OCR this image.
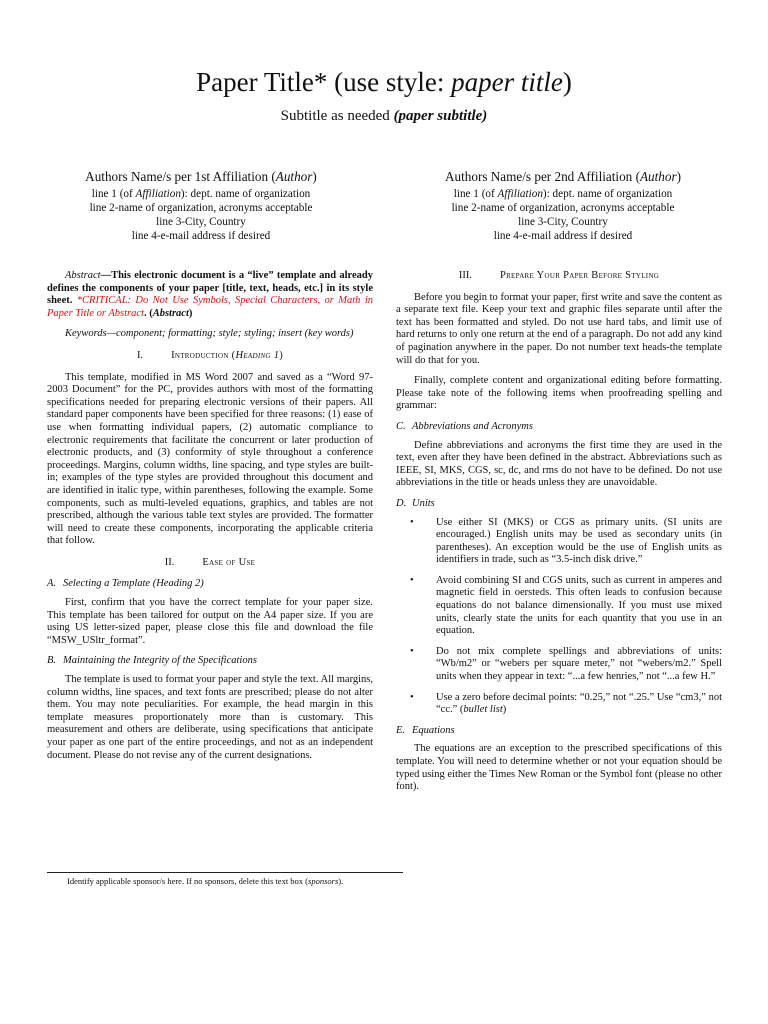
Paper Title* (use style: paper title)
Subtitle as needed (paper subtitle)
Authors Name/s per 1st Affiliation (Author)
line 1 (of Affiliation): dept. name of organization
line 2-name of organization, acronyms acceptable
line 3-City, Country
line 4-e-mail address if desired
Authors Name/s per 2nd Affiliation (Author)
line 1 (of Affiliation): dept. name of organization
line 2-name of organization, acronyms acceptable
line 3-City, Country
line 4-e-mail address if desired

Abstract—This electronic document is a “live” template and already defines the components of your paper [title, text, heads, etc.] in its style sheet. *CRITICAL: Do Not Use Symbols, Special Characters, or Math in Paper Title or Abstract. (Abstract)

Keywords—component; formatting; style; styling; insert (key words)

I.	Introduction (Heading 1)

This template, modified in MS Word 2007 and saved as a “Word 97-2003 Document” for the PC, provides authors with most of the formatting specifications needed for preparing electronic versions of their papers. All standard paper components have been specified for three reasons: (1) ease of use when formatting individual papers, (2) automatic compliance to electronic requirements that facilitate the concurrent or later production of electronic products, and (3) conformity of style throughout a conference proceedings. Margins, column widths, line spacing, and type styles are built-in; examples of the type styles are provided throughout this document and are identified in italic type, within parentheses, following the example. Some components, such as multi-leveled equations, graphics, and tables are not prescribed, although the various table text styles are provided. The formatter will need to create these components, incorporating the applicable criteria that follow.

II.	Ease of Use
A. Selecting a Template (Heading 2)

First, confirm that you have the correct template for your paper size. This template has been tailored for output on the A4 paper size. If you are using US letter-sized paper, please close this file and download the file “MSW_USltr_format”.

B. Maintaining the Integrity of the Specifications

The template is used to format your paper and style the text. All margins, column widths, line spaces, and text fonts are prescribed; please do not alter them. You may note peculiarities. For example, the head margin in this template measures proportionately more than is customary. This measurement and others are deliberate, using specifications that anticipate your paper as one part of the entire proceedings, and not as an independent document. Please do not revise any of the current designations.

III.	Prepare Your Paper Before Styling

Before you begin to format your paper, first write and save the content as a separate text file. Keep your text and graphic files separate until after the text has been formatted and styled. Do not use hard tabs, and limit use of hard returns to only one return at the end of a paragraph. Do not add any kind of pagination anywhere in the paper. Do not number text heads-the template will do that for you.

Finally, complete content and organizational editing before formatting. Please take note of the following items when proofreading spelling and grammar:

C. Abbreviations and Acronyms

Define abbreviations and acronyms the first time they are used in the text, even after they have been defined in the abstract. Abbreviations such as IEEE, SI, MKS, CGS, sc, dc, and rms do not have to be defined. Do not use abbreviations in the title or heads unless they are unavoidable.

D. Units
• Use either SI (MKS) or CGS as primary units. (SI units are encouraged.) English units may be used as secondary units (in parentheses). An exception would be the use of English units as identifiers in trade, such as “3.5-inch disk drive.”
• Avoid combining SI and CGS units, such as current in amperes and magnetic field in oersteds. This often leads to confusion because equations do not balance dimensionally. If you must use mixed units, clearly state the units for each quantity that you use in an equation.
• Do not mix complete spellings and abbreviations of units: “Wb/m2” or “webers per square meter,” not “webers/m2.” Spell units when they appear in text: “...a few henries,” not “...a few H.”
• Use a zero before decimal points: “0.25,” not “.25.” Use “cm3,” not “cc.” (bullet list)
E. Equations

The equations are an exception to the prescribed specifications of this template. You will need to determine whether or not your equation should be typed using either the Times New Roman or the Symbol font (please no other font).

Identify applicable sponsor/s here. If no sponsors, delete this text box (sponsors).
